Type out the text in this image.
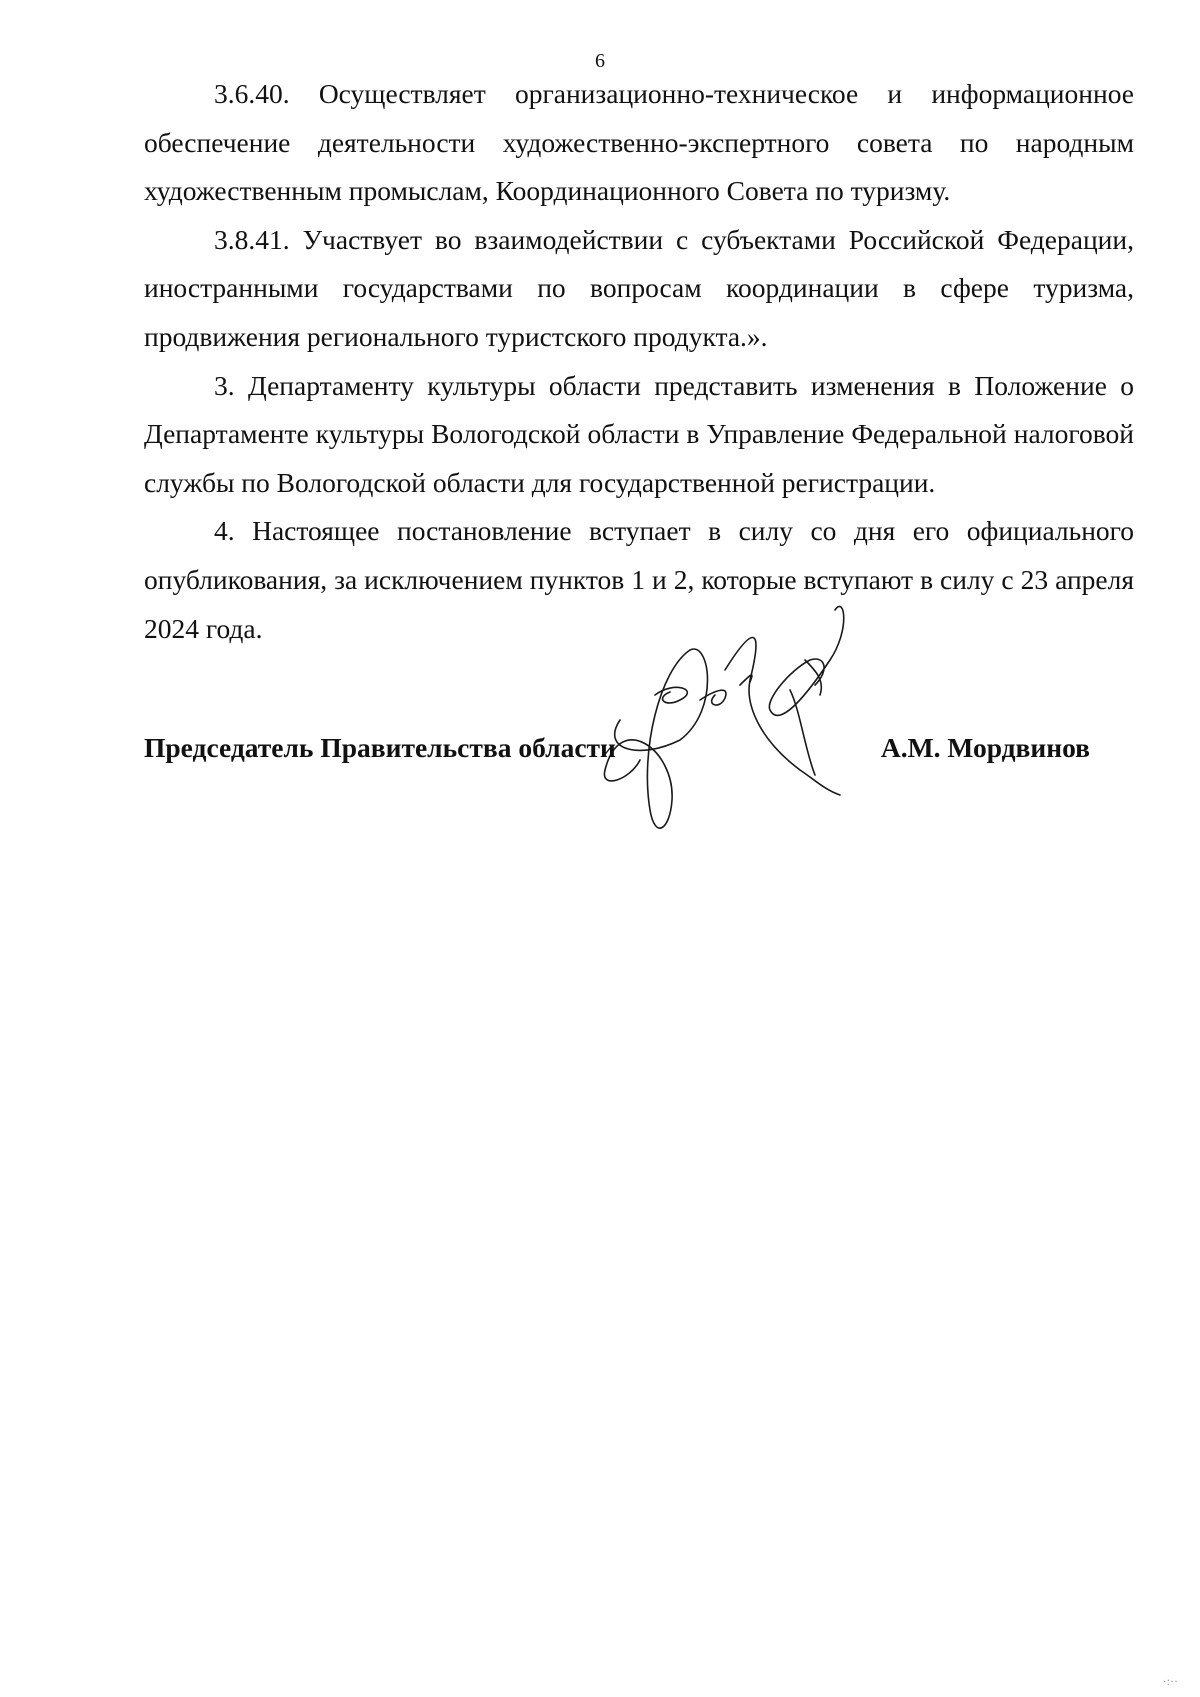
6

3.6.40. Осуществляет организационно-техническое и информационное обеспечение деятельности художественно-экспертного совета по народным художественным промыслам, Координационного Совета по туризму.

3.8.41. Участвует во взаимодействии с субъектами Российской Федерации, иностранными государствами по вопросам координации в сфере туризма, продвижения регионального туристского продукта.».

3. Департаменту культуры области представить изменения в Положение о Департаменте культуры Вологодской области в Управление Федеральной налоговой службы по Вологодской области для государственной регистрации.

4. Настоящее постановление вступает в силу со дня его официального опубликования, за исключением пунктов 1 и 2, которые вступают в силу с 23 апреля 2024 года.

Председатель Правительства области	А.М. Мордвинов
·:··
